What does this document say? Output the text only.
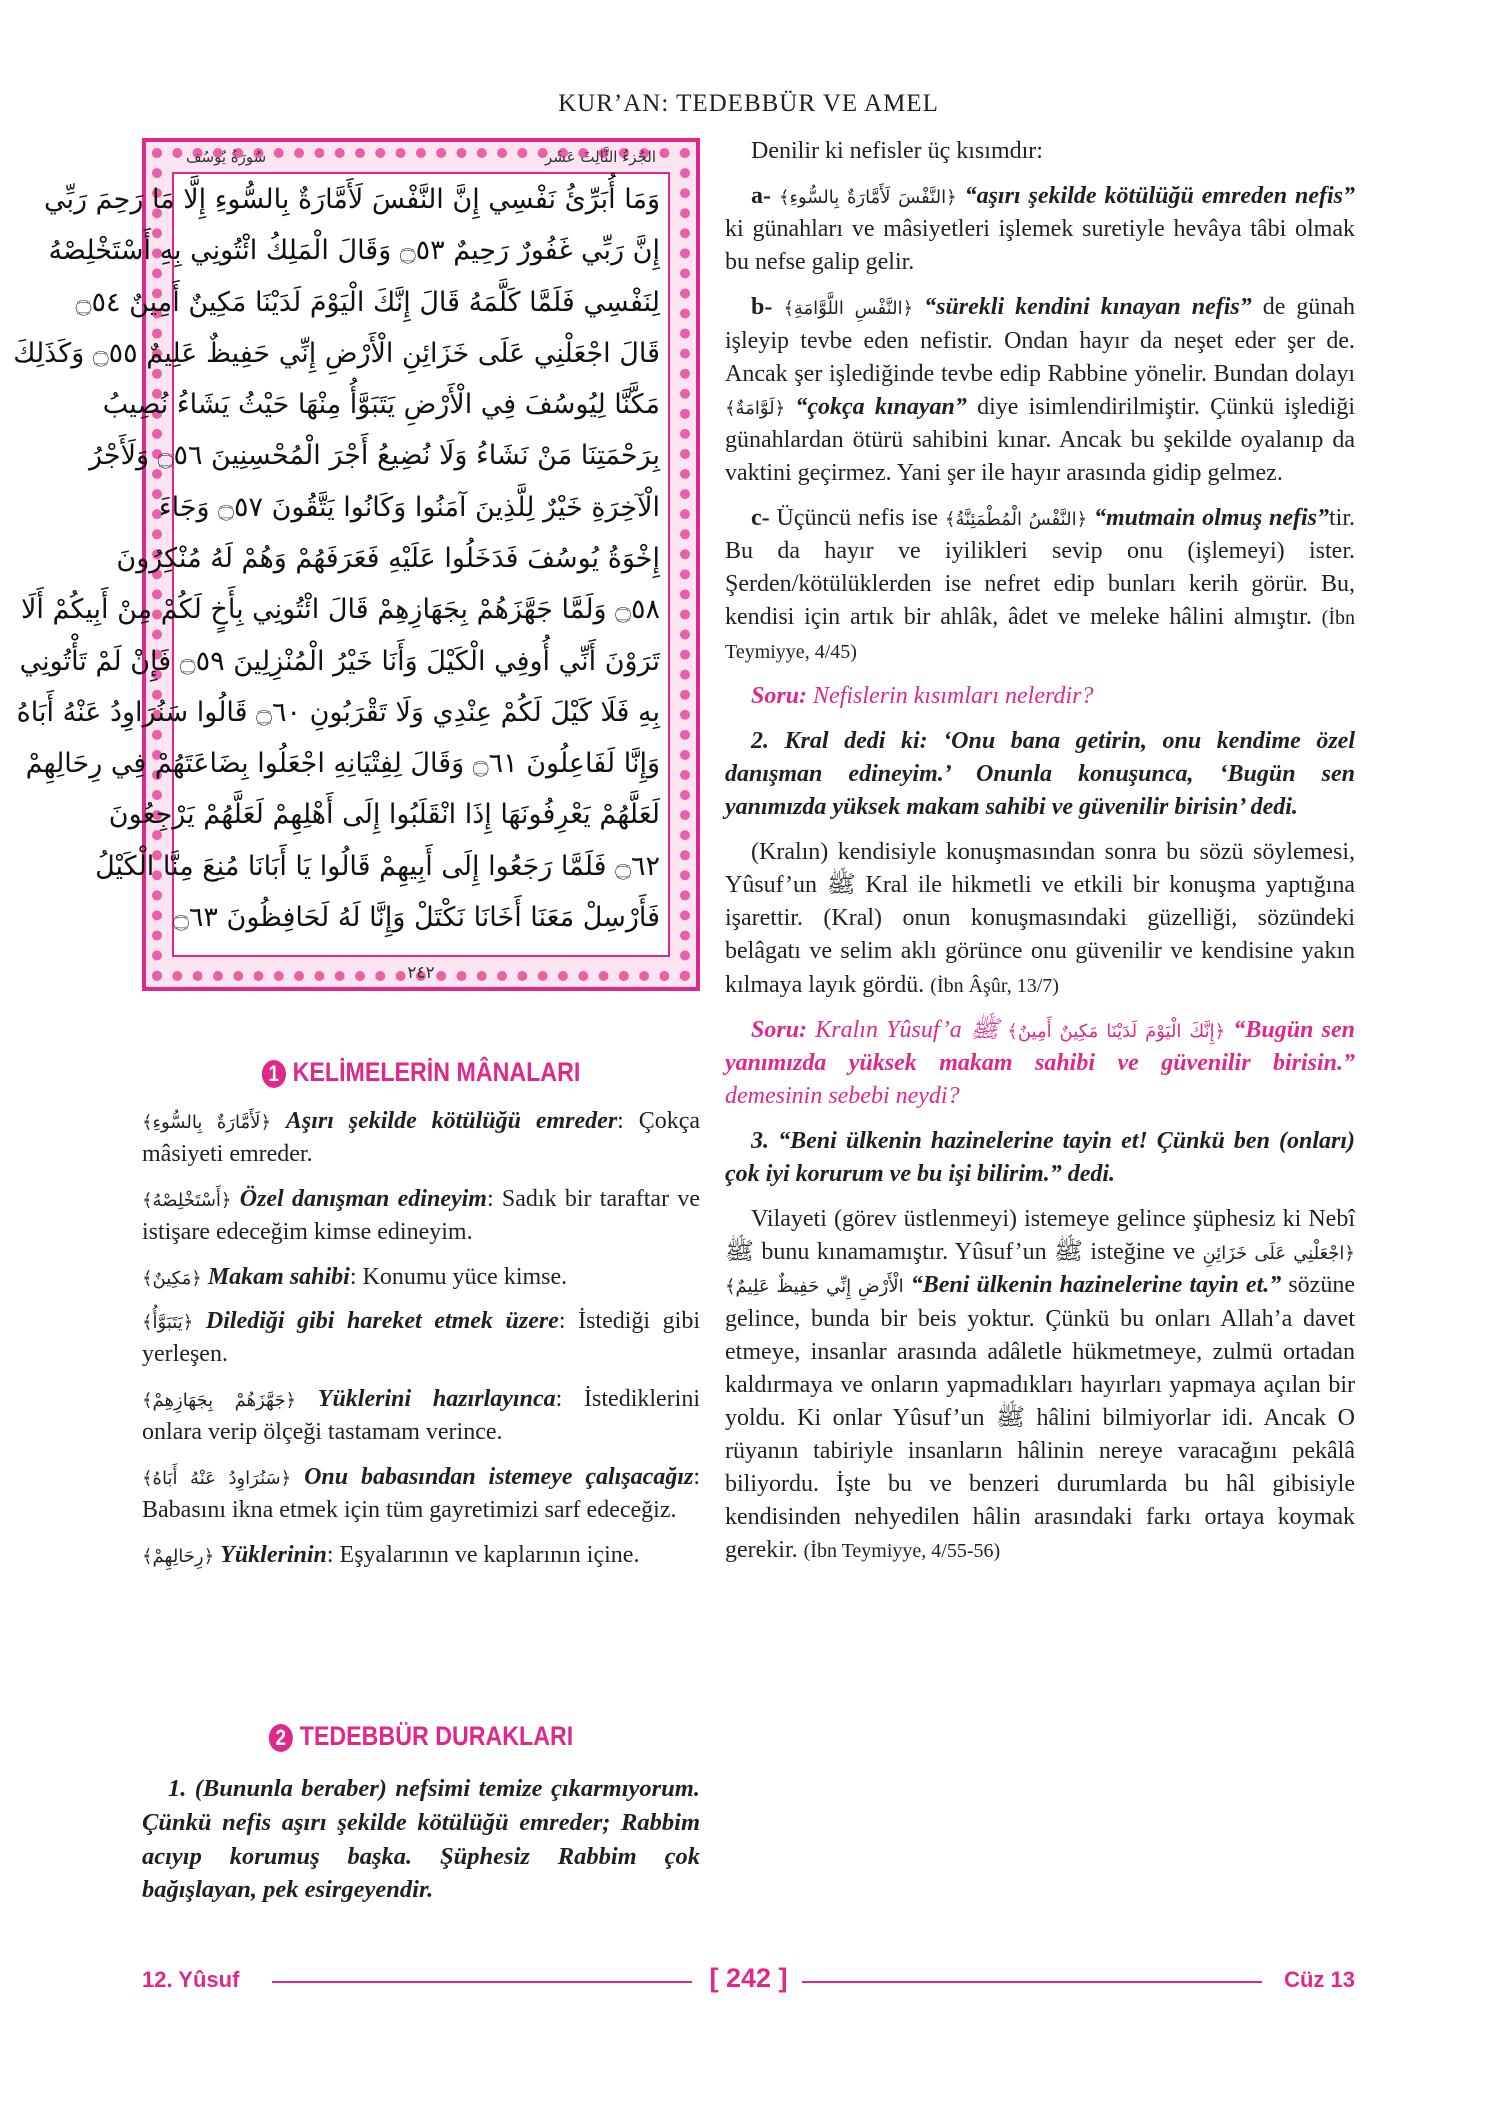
KUR’AN: TEDEBBÜR VE AMEL
الجُزءُ الثَّالِثَ عَشَر
سُورَةُ يُوسُف
وَمَا أُبَرِّئُ نَفْسِي إِنَّ النَّفْسَ لَأَمَّارَةٌ بِالسُّوءِ إِلَّا مَا رَحِمَ رَبِّي
إِنَّ رَبِّي غَفُورٌ رَحِيمٌ ۝٥٣ وَقَالَ الْمَلِكُ ائْتُونِي بِهِ أَسْتَخْلِصْهُ
لِنَفْسِي فَلَمَّا كَلَّمَهُ قَالَ إِنَّكَ الْيَوْمَ لَدَيْنَا مَكِينٌ أَمِينٌ ۝٥٤
قَالَ اجْعَلْنِي عَلَى خَزَائِنِ الْأَرْضِ إِنِّي حَفِيظٌ عَلِيمٌ ۝٥٥ وَكَذَلِكَ
مَكَّنَّا لِيُوسُفَ فِي الْأَرْضِ يَتَبَوَّأُ مِنْهَا حَيْثُ يَشَاءُ نُصِيبُ
بِرَحْمَتِنَا مَنْ نَشَاءُ وَلَا نُضِيعُ أَجْرَ الْمُحْسِنِينَ ۝٥٦ وَلَأَجْرُ
الْآخِرَةِ خَيْرٌ لِلَّذِينَ آمَنُوا وَكَانُوا يَتَّقُونَ ۝٥٧ وَجَاءَ
إِخْوَةُ يُوسُفَ فَدَخَلُوا عَلَيْهِ فَعَرَفَهُمْ وَهُمْ لَهُ مُنْكِرُونَ
۝٥٨ وَلَمَّا جَهَّزَهُمْ بِجَهَازِهِمْ قَالَ ائْتُونِي بِأَخٍ لَكُمْ مِنْ أَبِيكُمْ أَلَا
تَرَوْنَ أَنِّي أُوفِي الْكَيْلَ وَأَنَا خَيْرُ الْمُنْزِلِينَ ۝٥٩ فَإِنْ لَمْ تَأْتُونِي
بِهِ فَلَا كَيْلَ لَكُمْ عِنْدِي وَلَا تَقْرَبُونِ ۝٦٠ قَالُوا سَنُرَاوِدُ عَنْهُ أَبَاهُ
وَإِنَّا لَفَاعِلُونَ ۝٦١ وَقَالَ لِفِتْيَانِهِ اجْعَلُوا بِضَاعَتَهُمْ فِي رِحَالِهِمْ
لَعَلَّهُمْ يَعْرِفُونَهَا إِذَا انْقَلَبُوا إِلَى أَهْلِهِمْ لَعَلَّهُمْ يَرْجِعُونَ
۝٦٢ فَلَمَّا رَجَعُوا إِلَى أَبِيهِمْ قَالُوا يَا أَبَانَا مُنِعَ مِنَّا الْكَيْلُ
فَأَرْسِلْ مَعَنَا أَخَانَا نَكْتَلْ وَإِنَّا لَهُ لَحَافِظُونَ ۝٦٣
٢٤٢
1 KELİMELERİN MÂNALARI

﴿لَأَمَّارَةٌ بِالسُّوءِ﴾ Aşırı şekilde kötülüğü emreder: Çokça mâsiyeti emreder.

﴿أَسْتَخْلِصْهُ﴾ Özel danışman edineyim: Sadık bir taraftar ve istişare edeceğim kimse edineyim.

﴿مَكِينٌ﴾ Makam sahibi: Konumu yüce kimse.

﴿يَتَبَوَّأُ﴾ Dilediği gibi hareket etmek üzere: İstediği gibi yerleşen.

﴿جَهَّزَهُمْ بِجَهَازِهِمْ﴾ Yüklerini hazırlayınca: İstediklerini onlara verip ölçeği tastamam verince.

﴿سَنُرَاوِدُ عَنْهُ أَبَاهُ﴾ Onu babasından istemeye çalışacağız: Babasını ikna etmek için tüm gayretimizi sarf edeceğiz.

﴿رِحَالِهِمْ﴾ Yüklerinin: Eşyalarının ve kaplarının içine.

2 TEDEBBÜR DURAKLARI

1. (Bununla beraber) nefsimi temize çıkarmıyorum. Çünkü nefis aşırı şekilde kötülüğü emreder; Rabbim acıyıp korumuş başka. Şüphesiz Rabbim çok bağışlayan, pek esirgeyendir.

Denilir ki nefisler üç kısımdır:

a- ﴿النَّفْسَ لَأَمَّارَةٌ بِالسُّوءِ﴾ “aşırı şekilde kötülüğü emreden nefis” ki günahları ve mâsiyetleri işlemek suretiyle hevâya tâbi olmak bu nefse galip gelir.

b- ﴿النَّفْسِ اللَّوَّامَةِ﴾ “sürekli kendini kınayan nefis” de günah işleyip tevbe eden nefistir. Ondan hayır da neşet eder şer de. Ancak şer işlediğinde tevbe edip Rabbine yönelir. Bundan dolayı ﴿لَوَّامَةٌ﴾ “çokça kınayan” diye isimlendirilmiştir. Çünkü işlediği günahlardan ötürü sahibini kınar. Ancak bu şekilde oyalanıp da vaktini geçirmez. Yani şer ile hayır arasında gidip gelmez.

c- Üçüncü nefis ise ﴿النَّفْسُ الْمُطْمَئِنَّةُ﴾ “mutmain olmuş nefis”tir. Bu da hayır ve iyilikleri sevip onu (işlemeyi) ister. Şerden/kötülüklerden ise nefret edip bunları kerih görür. Bu, kendisi için artık bir ahlâk, âdet ve meleke hâlini almıştır. (İbn Teymiyye, 4/45)

Soru: Nefislerin kısımları nelerdir?

2. Kral dedi ki: ‘Onu bana getirin, onu kendime özel danışman edineyim.’ Onunla konuşunca, ‘Bugün sen yanımızda yüksek makam sahibi ve güvenilir birisin’ dedi.

(Kralın) kendisiyle konuşmasından sonra bu sözü söylemesi, Yûsuf’un ﷺ Kral ile hikmetli ve etkili bir konuşma yaptığına işarettir. (Kral) onun konuşmasındaki güzelliği, sözündeki belâgatı ve selim aklı görünce onu güvenilir ve kendisine yakın kılmaya layık gördü. (İbn Âşûr, 13/7)

Soru: Kralın Yûsuf’a ﷺ ﴿إِنَّكَ الْيَوْمَ لَدَيْنَا مَكِينٌ أَمِينٌ﴾ “Bugün sen yanımızda yüksek makam sahibi ve güvenilir birisin.” demesinin sebebi neydi?

3. “Beni ülkenin hazinelerine tayin et! Çünkü ben (onları) çok iyi korurum ve bu işi bilirim.” dedi.

Vilayeti (görev üstlenmeyi) istemeye gelince şüphesiz ki Nebî ﷺ bunu kınamamıştır. Yûsuf’un ﷺ isteğine ve ﴿اجْعَلْنِي عَلَى خَزَائِنِ الْأَرْضِ إِنِّي حَفِيظٌ عَلِيمٌ﴾ “Beni ülkenin hazinelerine tayin et.” sözüne gelince, bunda bir beis yoktur. Çünkü bu onları Allah’a davet etmeye, insanlar arasında adâletle hükmetmeye, zulmü ortadan kaldırmaya ve onların yapmadıkları hayırları yapmaya açılan bir yoldu. Ki onlar Yûsuf’un ﷺ hâlini bilmiyorlar idi. Ancak O rüyanın tabiriyle insanların hâlinin nereye varacağını pekâlâ biliyordu. İşte bu ve benzeri durumlarda bu hâl gibisiyle kendisinden nehyedilen hâlin arasındaki farkı ortaya koymak gerekir. (İbn Teymiyye, 4/55-56)

12. Yûsuf	[ 242 ]	Cüz 13
